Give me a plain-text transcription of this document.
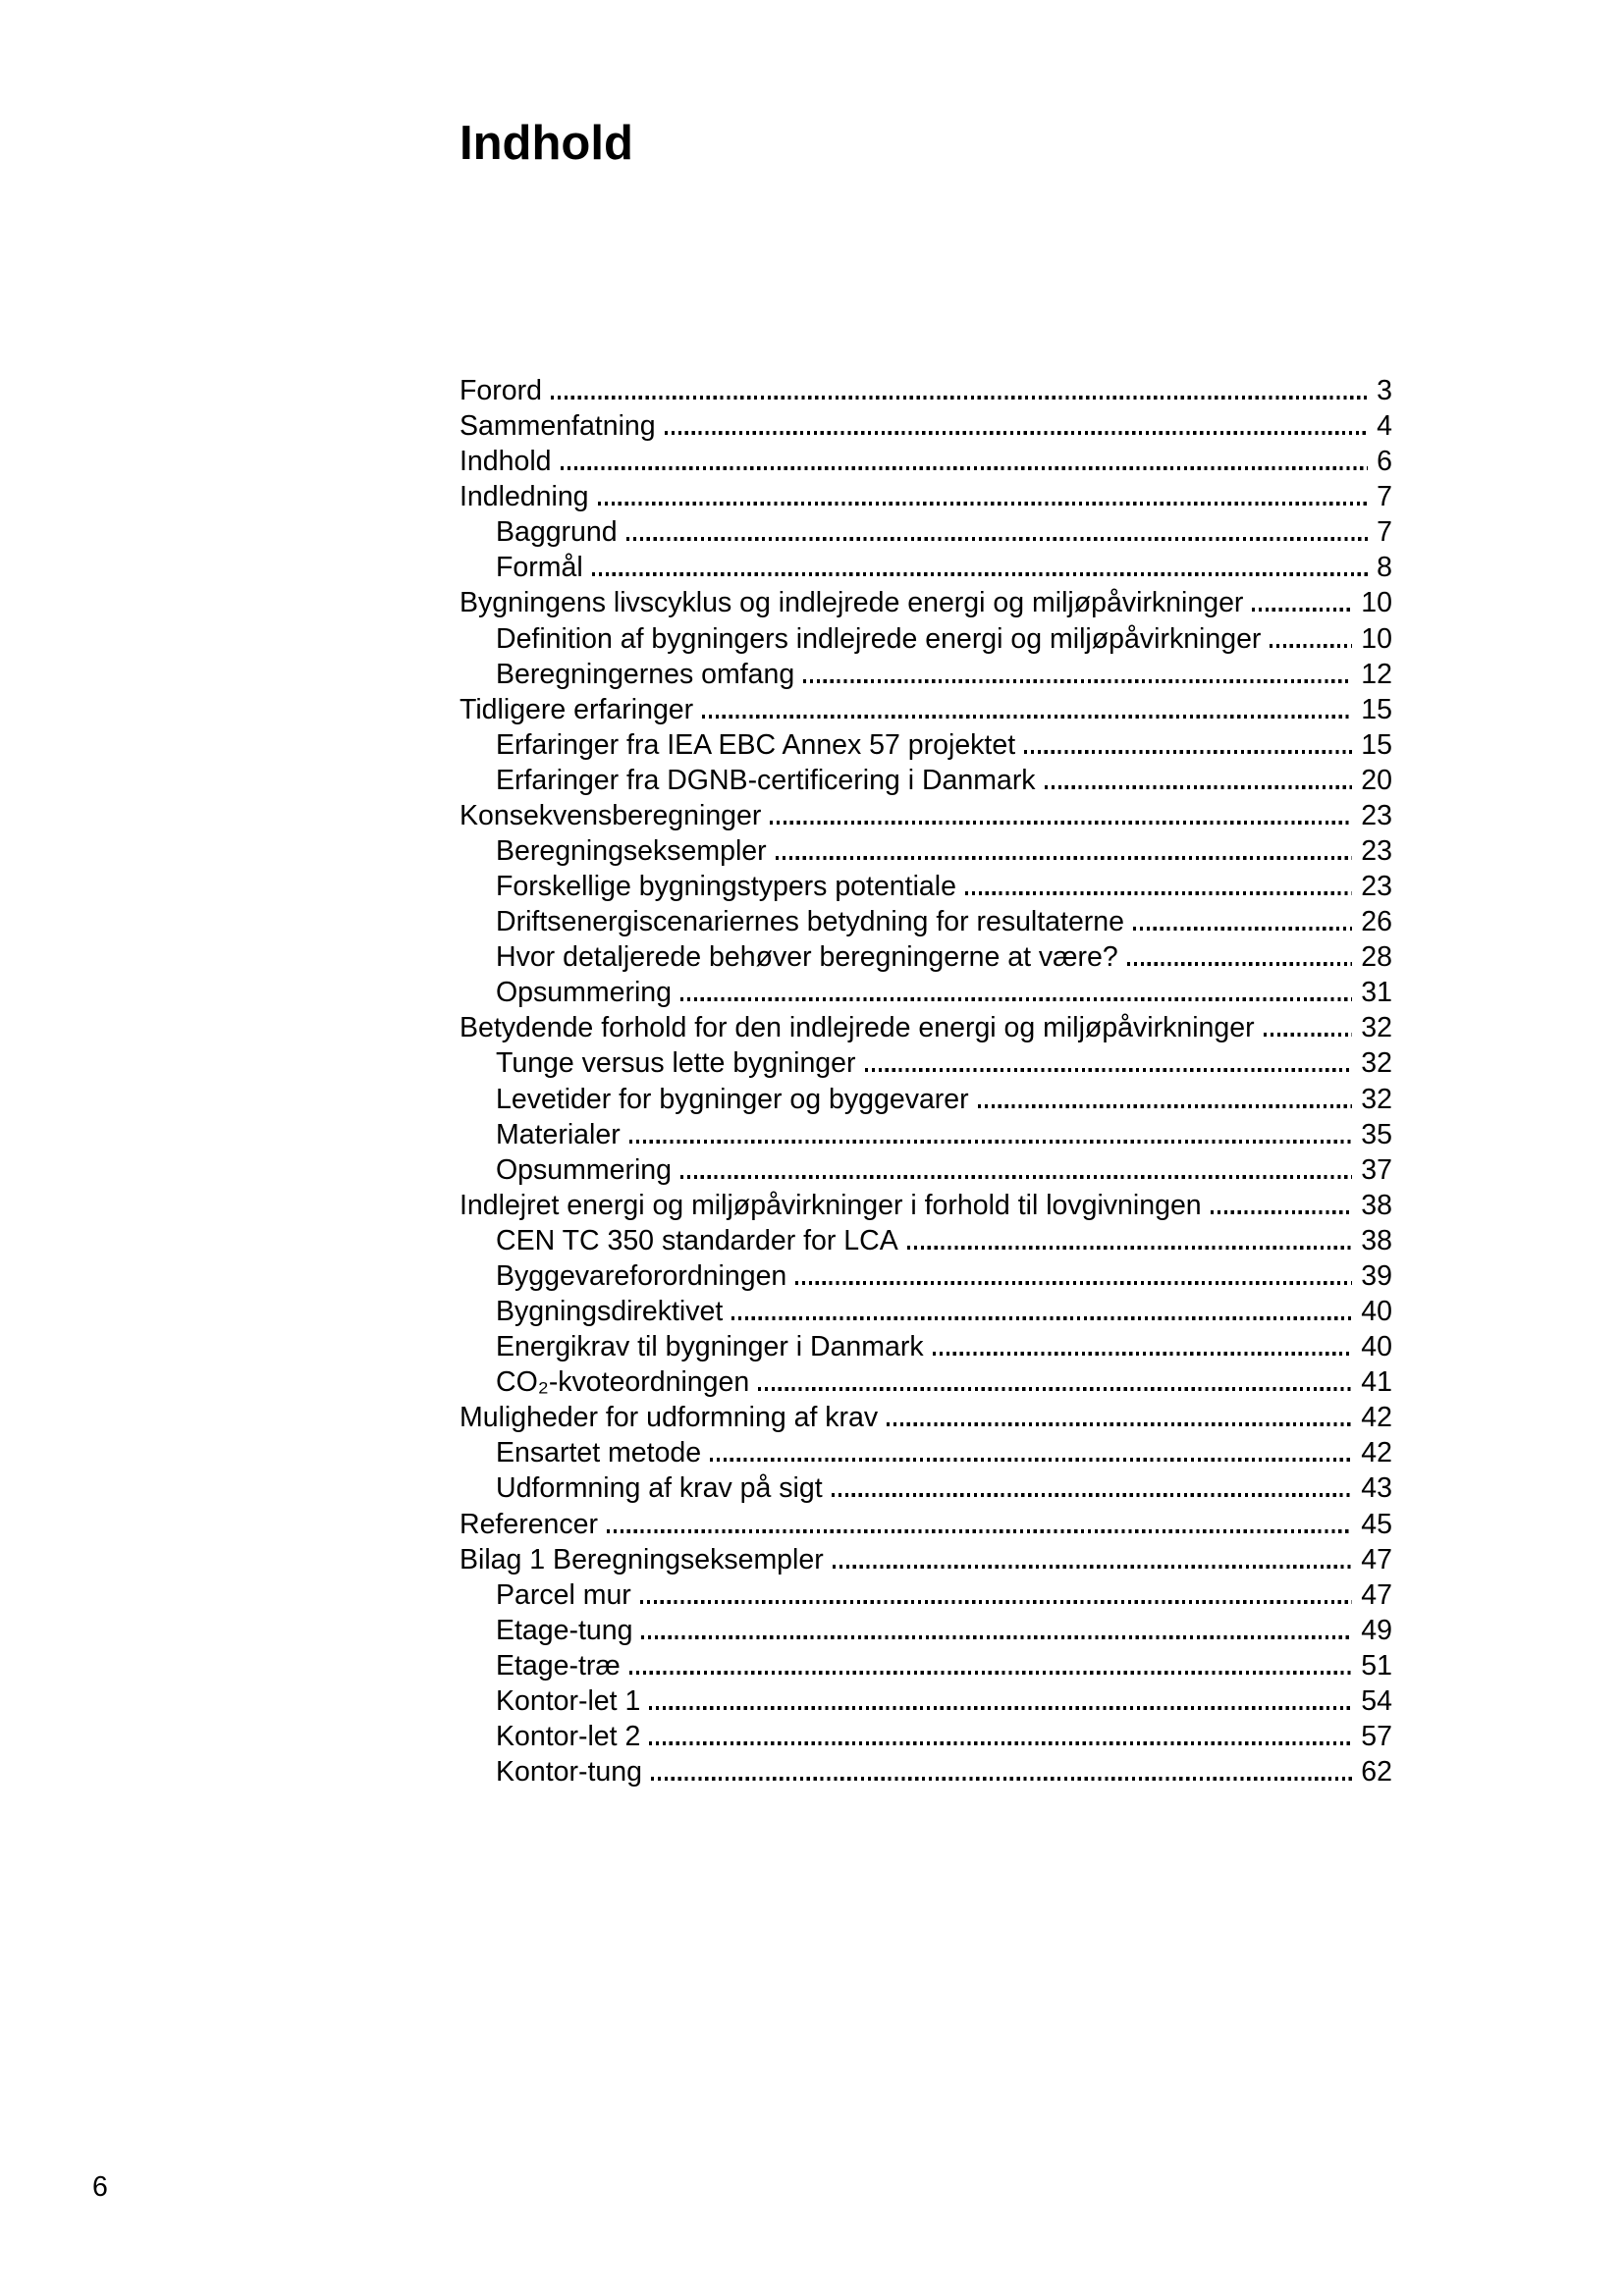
Indhold
Forord	3
Sammenfatning	4
Indhold	6
Indledning	7
Baggrund	7
Formål	8
Bygningens livscyklus og indlejrede energi og miljøpåvirkninger	10
Definition af bygningers indlejrede energi og miljøpåvirkninger	10
Beregningernes omfang	12
Tidligere erfaringer	15
Erfaringer fra IEA EBC Annex 57 projektet	15
Erfaringer fra DGNB-certificering i Danmark	20
Konsekvensberegninger	23
Beregningseksempler	23
Forskellige bygningstypers potentiale	23
Driftsenergiscenariernes betydning for resultaterne	26
Hvor detaljerede behøver beregningerne at være?	28
Opsummering	31
Betydende forhold for den indlejrede energi og miljøpåvirkninger	32
Tunge versus lette bygninger	32
Levetider for bygninger og byggevarer	32
Materialer	35
Opsummering	37
Indlejret energi og miljøpåvirkninger i forhold til lovgivningen	38
CEN TC 350 standarder for LCA	38
Byggevareforordningen	39
Bygningsdirektivet	40
Energikrav til bygninger i Danmark	40
CO₂-kvoteordningen	41
Muligheder for udformning af krav	42
Ensartet metode	42
Udformning af krav på sigt	43
Referencer	45
Bilag 1 Beregningseksempler	47
Parcel mur	47
Etage-tung	49
Etage-træ	51
Kontor-let 1	54
Kontor-let 2	57
Kontor-tung	62
6
